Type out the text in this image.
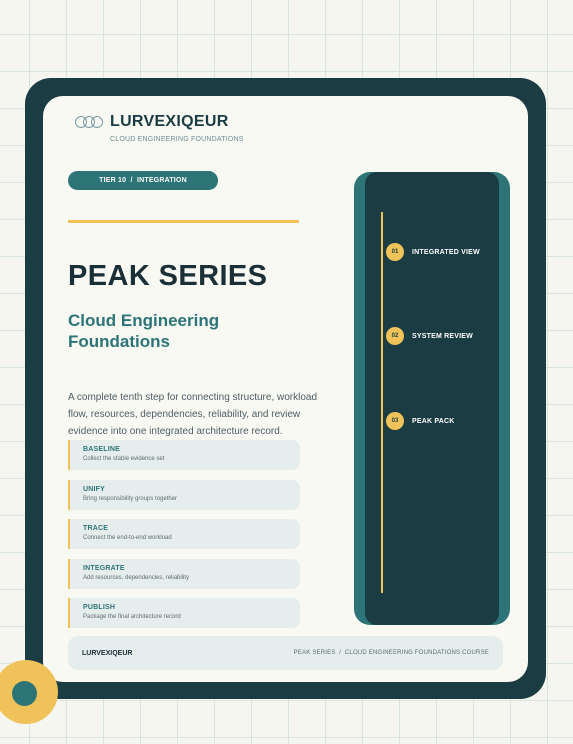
LURVEXIQEUR
CLOUD ENGINEERING FOUNDATIONS
TIER 10  /  INTEGRATION
PEAK SERIES
Cloud Engineering Foundations
A complete tenth step for connecting structure, workload flow, resources, dependencies, reliability, and review evidence into one integrated architecture record.
BASELINE
Collect the stable evidence set
UNIFY
Bring responsibility groups together
TRACE
Connect the end-to-end workload
INTEGRATE
Add resources, dependencies, reliability
PUBLISH
Package the final architecture record
01	INTEGRATED VIEW
02	SYSTEM REVIEW
03	PEAK PACK
LURVEXIQEUR	PEAK SERIES  /  CLOUD ENGINEERING FOUNDATIONS COURSE
